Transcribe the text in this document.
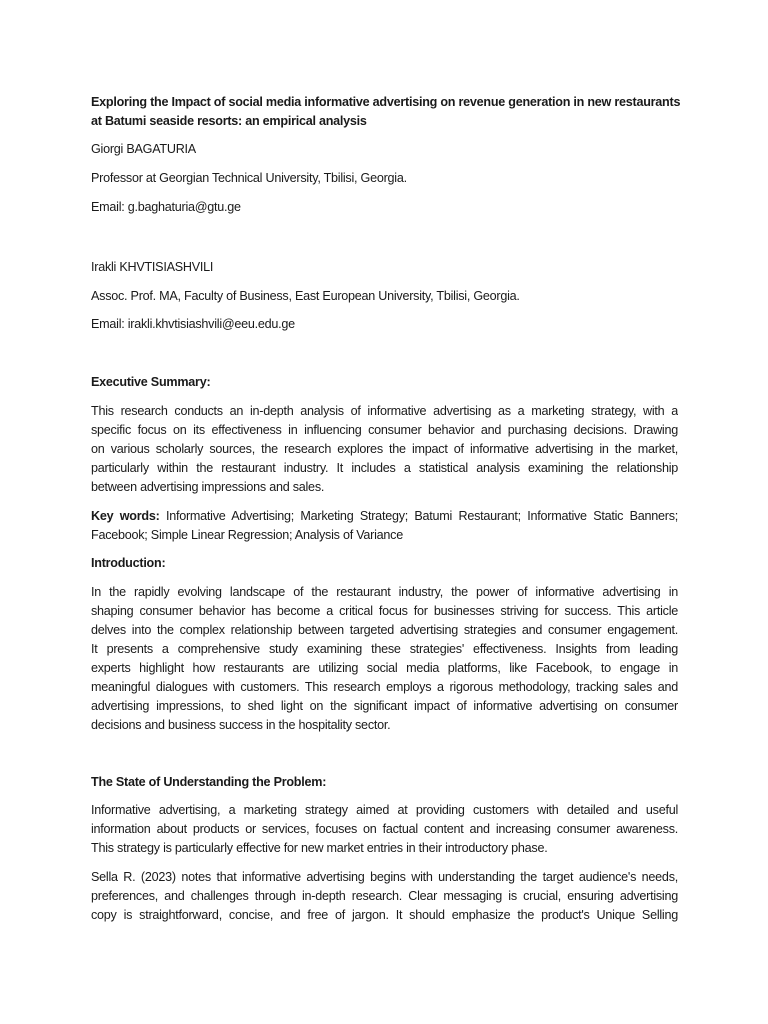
Exploring the Impact of social media informative advertising on revenue generation in new restaurants
at Batumi seaside resorts: an empirical analysis
Giorgi BAGATURIA
Professor at Georgian Technical University, Tbilisi, Georgia.
Email: g.baghaturia@gtu.ge
Irakli KHVTISIASHVILI
Assoc. Prof. MA, Faculty of Business, East European University, Tbilisi, Georgia.
Email: irakli.khvtisiashvili@eeu.edu.ge
Executive Summary:
This research conducts an in-depth analysis of informative advertising as a marketing strategy, with a
specific focus on its effectiveness in influencing consumer behavior and purchasing decisions. Drawing
on various scholarly sources, the research explores the impact of informative advertising in the market,
particularly within the restaurant industry. It includes a statistical analysis examining the relationship
between advertising impressions and sales.
Key words: Informative Advertising; Marketing Strategy; Batumi Restaurant; Informative Static Banners;
Facebook; Simple Linear Regression; Analysis of Variance
Introduction:
In the rapidly evolving landscape of the restaurant industry, the power of informative advertising in
shaping consumer behavior has become a critical focus for businesses striving for success. This article
delves into the complex relationship between targeted advertising strategies and consumer engagement.
It presents a comprehensive study examining these strategies' effectiveness. Insights from leading
experts highlight how restaurants are utilizing social media platforms, like Facebook, to engage in
meaningful dialogues with customers. This research employs a rigorous methodology, tracking sales and
advertising impressions, to shed light on the significant impact of informative advertising on consumer
decisions and business success in the hospitality sector.
The State of Understanding the Problem:
Informative advertising, a marketing strategy aimed at providing customers with detailed and useful
information about products or services, focuses on factual content and increasing consumer awareness.
This strategy is particularly effective for new market entries in their introductory phase.
Sella R. (2023) notes that informative advertising begins with understanding the target audience's needs,
preferences, and challenges through in-depth research. Clear messaging is crucial, ensuring advertising
copy is straightforward, concise, and free of jargon. It should emphasize the product's Unique Selling
